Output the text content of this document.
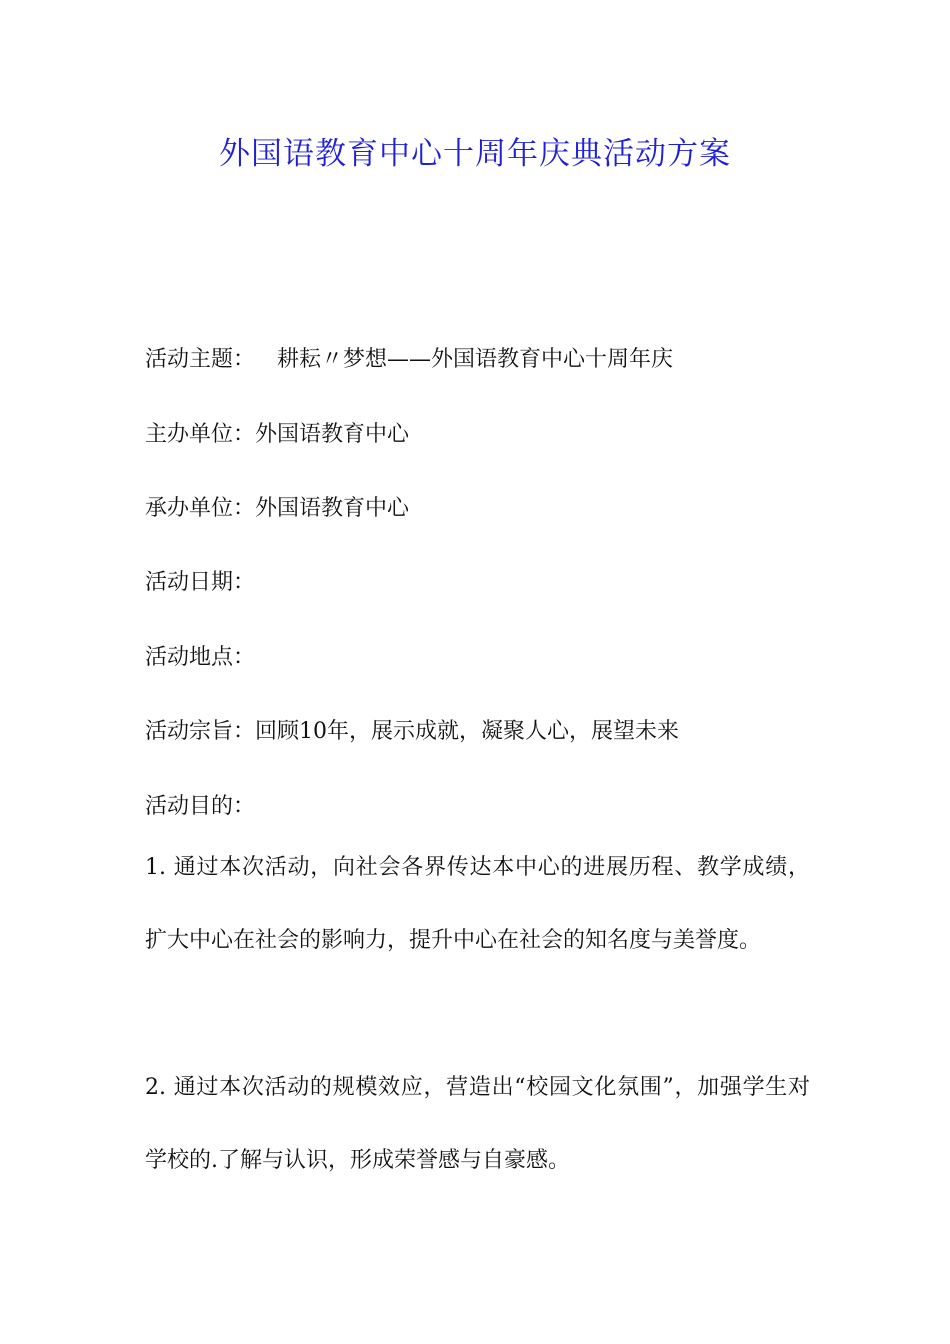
外国语教育中心十周年庆典活动方案

活动主题： 耕耘〃梦想——外国语教育中心十周年庆

主办单位：外国语教育中心

承办单位：外国语教育中心

活动日期：

活动地点：

活动宗旨：回顾10年，展示成就，凝聚人心，展望未来

活动目的：

1. 通过本次活动，向社会各界传达本中心的进展历程、教学成绩，扩大中心在社会的影响力，提升中心在社会的知名度与美誉度。

2. 通过本次活动的规模效应，营造出“校园文化氛围”，加强学生对学校的.了解与认识，形成荣誉感与自豪感。
